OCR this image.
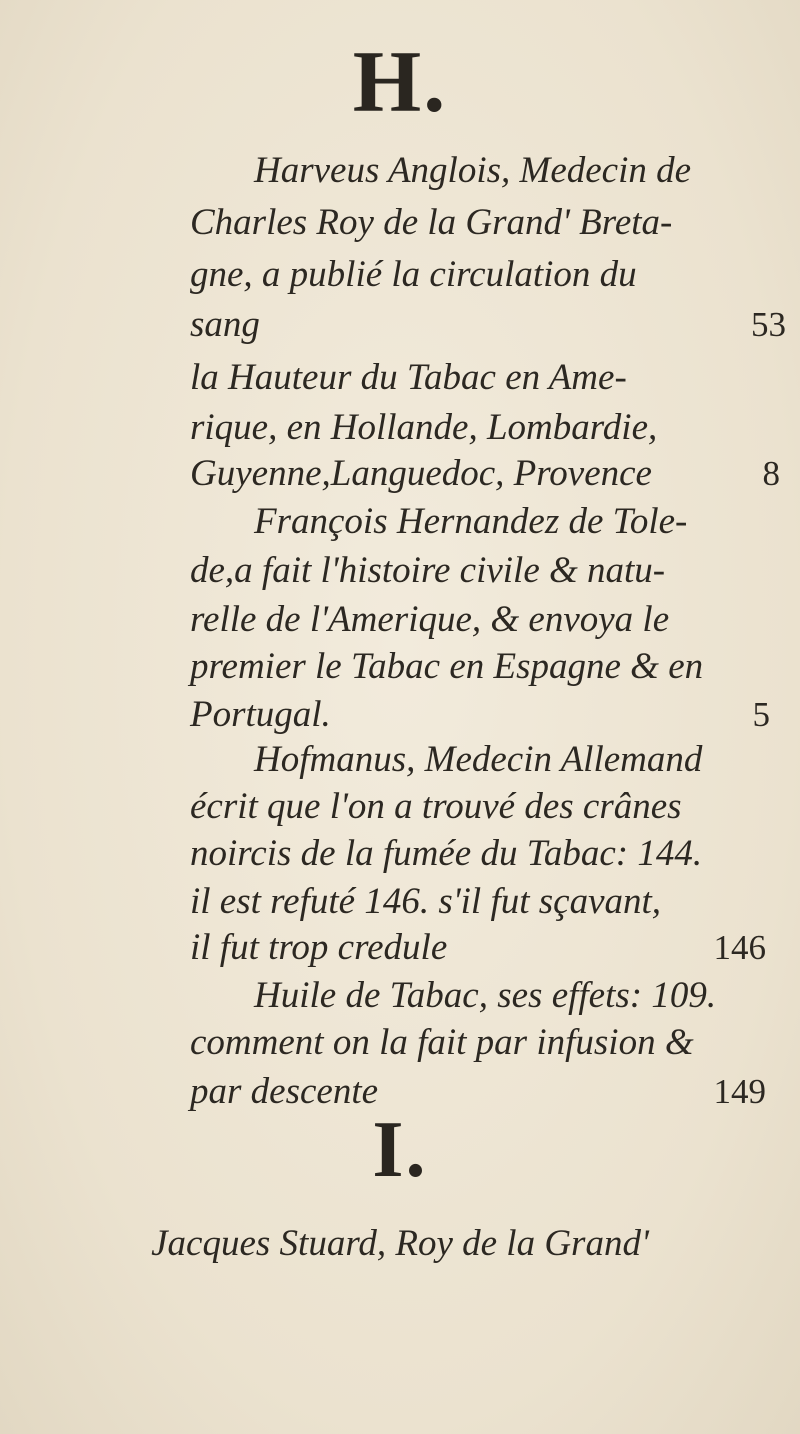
H.
Harveus Anglois, Medecin de
Charles Roy de la Grand' Breta-
gne, a publié la circulation du
sang	53
la Hauteur du Tabac en Ame-
rique, en Hollande, Lombardie,
Guyenne,Languedoc, Provence	8
François Hernandez de Tole-
de,a fait l'histoire civile & natu-
relle de l'Amerique, & envoya le
premier le Tabac en Espagne & en
Portugal.	5
Hofmanus, Medecin Allemand
écrit que l'on a trouvé des crânes
noircis de la fumée du Tabac: 144.
il est refuté 146. s'il fut sçavant,
il fut trop credule	146
Huile de Tabac, ses effets: 109.
comment on la fait par infusion &
par descente	149
I.
Jacques Stuard, Roy de la Grand'
